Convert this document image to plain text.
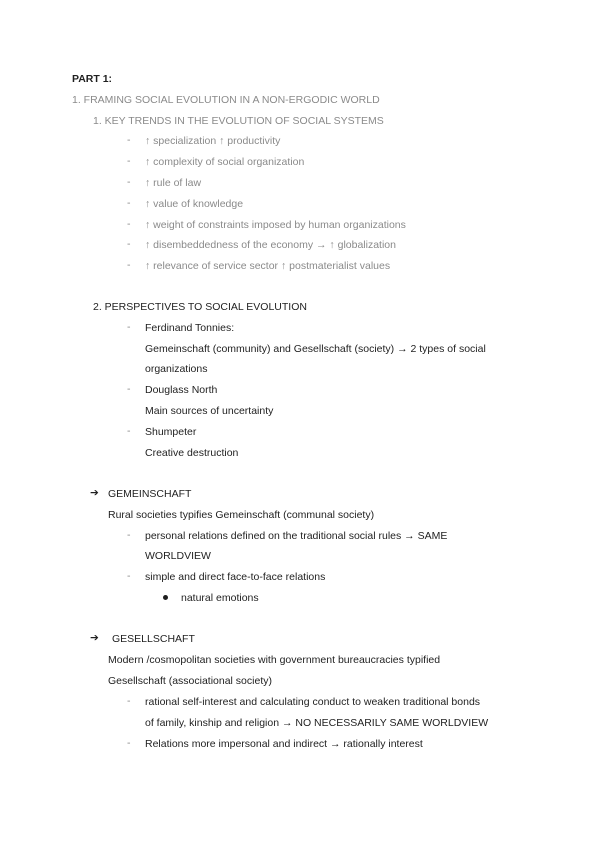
PART 1:
1. FRAMING SOCIAL EVOLUTION IN A NON-ERGODIC WORLD
1. KEY TRENDS IN THE EVOLUTION OF SOCIAL SYSTEMS
- ↑ specialization ↑ productivity
- ↑ complexity of social organization
- ↑ rule of law
- ↑ value of knowledge
- ↑ weight of constraints imposed by human organizations
- ↑ disembeddedness of the economy → ↑ globalization
- ↑ relevance of service sector ↑ postmaterialist values
2. PERSPECTIVES TO SOCIAL EVOLUTION
- Ferdinand Tonnies:
Gemeinschaft (community) and Gesellschaft (society) → 2 types of social
organizations
- Douglass North
Main sources of uncertainty
- Shumpeter
Creative destruction
➔ GEMEINSCHAFT
Rural societies typifies Gemeinschaft (communal society)
- personal relations defined on the traditional social rules → SAME
WORLDVIEW
- simple and direct face-to-face relations
natural emotions
➔ GESELLSCHAFT
Modern /cosmopolitan societies with government bureaucracies typified
Gesellschaft (associational society)
- rational self-interest and calculating conduct to weaken traditional bonds
of family, kinship and religion → NO NECESSARILY SAME WORLDVIEW
- Relations more impersonal and indirect → rationally interest
